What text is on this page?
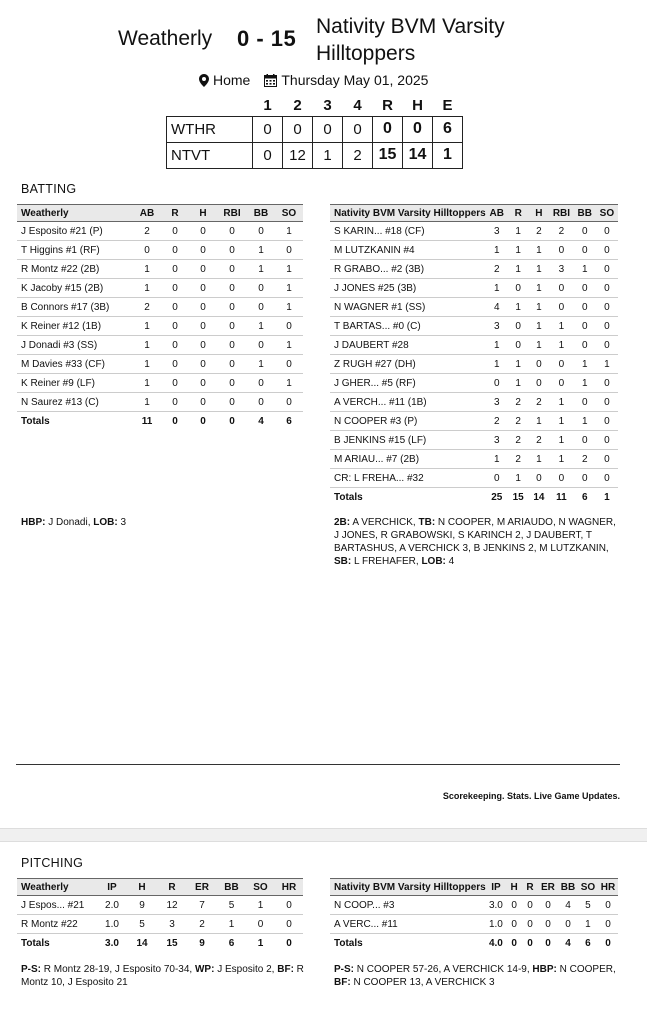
Weatherly 0 - 15 Nativity BVM Varsity Hilltoppers
Home Thursday May 01, 2025
	1	2	3	4	R	H	E
WTHR	0	0	0	0	0	0	6
NTVT	0	12	1	2	15	14	1
BATTING
Weatherly	AB	R	H	RBI	BB	SO
J Esposito #21 (P)	2	0	0	0	0	1
T Higgins #1 (RF)	0	0	0	0	1	0
R Montz #22 (2B)	1	0	0	0	1	1
K Jacoby #15 (2B)	1	0	0	0	0	1
B Connors #17 (3B)	2	0	0	0	0	1
K Reiner #12 (1B)	1	0	0	0	1	0
J Donadi #3 (SS)	1	0	0	0	0	1
M Davies #33 (CF)	1	0	0	0	1	0
K Reiner #9 (LF)	1	0	0	0	0	1
N Saurez #13 (C)	1	0	0	0	0	0
Totals	11	0	0	0	4	6
Nativity BVM Varsity Hilltoppers	AB	R	H	RBI	BB	SO
S KARIN... #18 (CF)	3	1	2	2	0	0
M LUTZKANIN #4	1	1	1	0	0	0
R GRABO... #2 (3B)	2	1	1	3	1	0
J JONES #25 (3B)	1	0	1	0	0	0
N WAGNER #1 (SS)	4	1	1	0	0	0
T BARTAS... #0 (C)	3	0	1	1	0	0
J DAUBERT #28	1	0	1	1	0	0
Z RUGH #27 (DH)	1	1	0	0	1	1
J GHER... #5 (RF)	0	1	0	0	1	0
A VERCH... #11 (1B)	3	2	2	1	0	0
N COOPER #3 (P)	2	2	1	1	1	0
B JENKINS #15 (LF)	3	2	2	1	0	0
M ARIAU... #7 (2B)	1	2	1	1	2	0
CR: L FREHA... #32	0	1	0	0	0	0
Totals	25	15	14	11	6	1
HBP: J Donadi, LOB: 3	2B: A VERCHICK, TB: N COOPER, M ARIAUDO, N WAGNER, J JONES, R GRABOWSKI, S KARINCH 2, J DAUBERT, T BARTASHUS, A VERCHICK 3, B JENKINS 2, M LUTZKANIN, SB: L FREHAFER, LOB: 4
Scorekeeping. Stats. Live Game Updates.
PITCHING
Weatherly	IP	H	R	ER	BB	SO	HR
J Espos... #21	2.0	9	12	7	5	1	0
R Montz #22	1.0	5	3	2	1	0	0
Totals	3.0	14	15	9	6	1	0
Nativity BVM Varsity Hilltoppers	IP	H	R	ER	BB	SO	HR
N COOP... #3	3.0	0	0	0	4	5	0
A VERC... #11	1.0	0	0	0	0	1	0
Totals	4.0	0	0	0	4	6	0
P-S: R Montz 28-19, J Esposito 70-34, WP: J Esposito 2, BF: R Montz 10, J Esposito 21
P-S: N COOPER 57-26, A VERCHICK 14-9, HBP: N COOPER, BF: N COOPER 13, A VERCHICK 3
